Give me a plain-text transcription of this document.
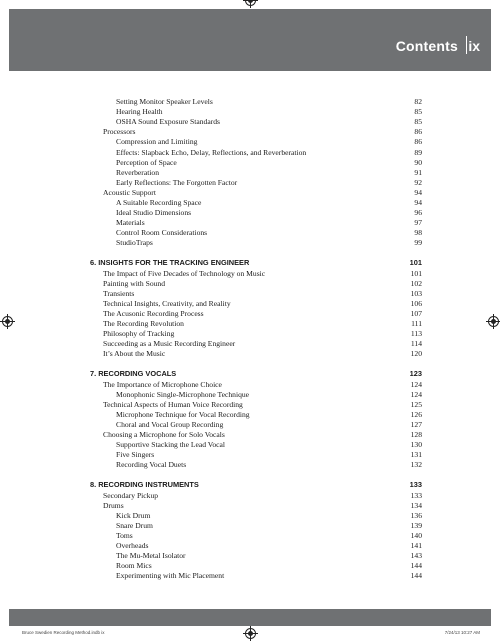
Contents ix
Setting Monitor Speaker Levels	82
Hearing Health	85
OSHA Sound Exposure Standards	85
Processors	86
Compression and Limiting	86
Effects: Slapback Echo, Delay, Reflections, and Reverberation	89
Perception of Space	90
Reverberation	91
Early Reflections: The Forgotten Factor	92
Acoustic Support	94
A Suitable Recording Space	94
Ideal Studio Dimensions	96
Materials	97
Control Room Considerations	98
StudioTraps	99
6. INSIGHTS FOR THE TRACKING ENGINEER	101
The Impact of Five Decades of Technology on Music	101
Painting with Sound	102
Transients	103
Technical Insights, Creativity, and Reality	106
The Acusonic Recording Process	107
The Recording Revolution	111
Philosophy of Tracking	113
Succeeding as a Music Recording Engineer	114
It’s About the Music	120
7. RECORDING VOCALS	123
The Importance of Microphone Choice	124
Monophonic Single-Microphone Technique	124
Technical Aspects of Human Voice Recording	125
Microphone Technique for Vocal Recording	126
Choral and Vocal Group Recording	127
Choosing a Microphone for Solo Vocals	128
Supportive Stacking the Lead Vocal	130
Five Singers	131
Recording Vocal Duets	132
8. RECORDING INSTRUMENTS	133
Secondary Pickup	133
Drums	134
Kick Drum	136
Snare Drum	139
Toms	140
Overheads	141
The Mu-Metal Isolator	143
Room Mics	144
Experimenting with Mic Placement	144
Bruce Swedien Recording Method.indb ix	7/24/13 10:27 AM
